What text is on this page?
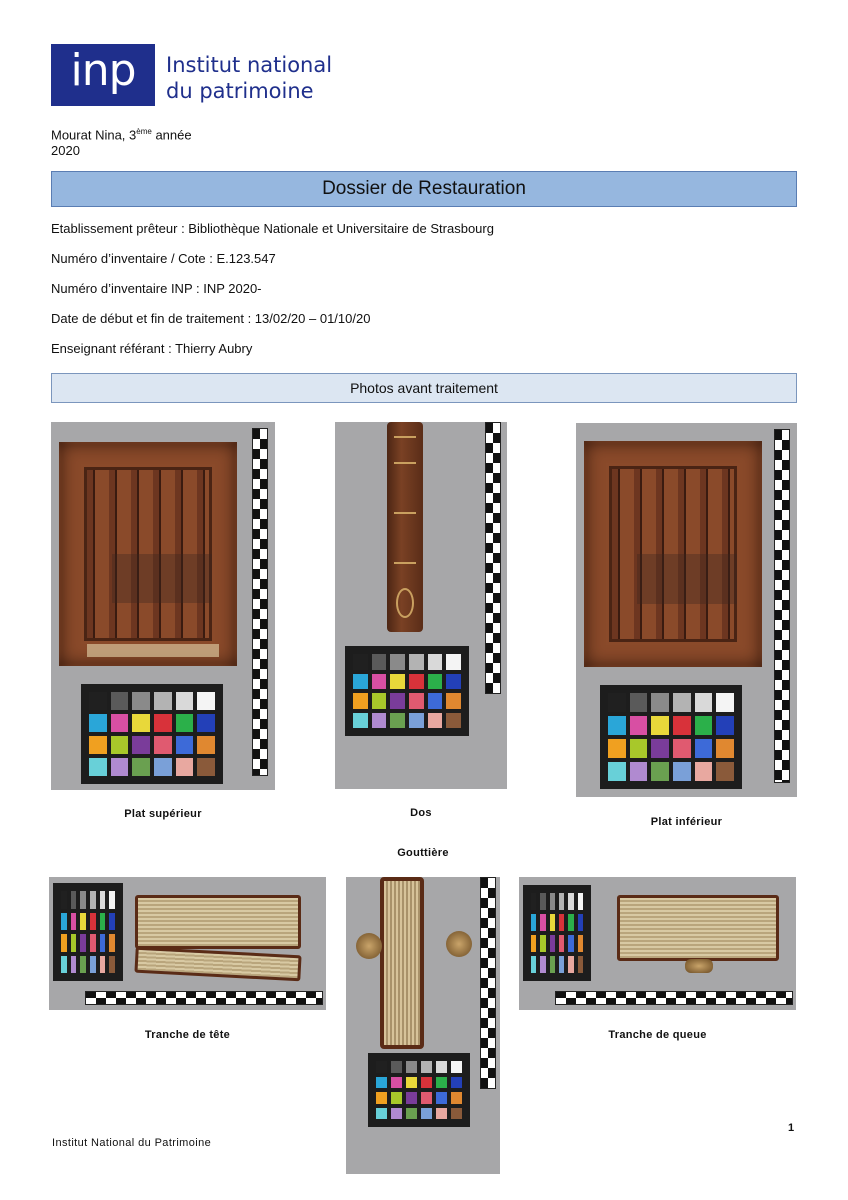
inp	Institut national
du patrimoine
Mourat Nina, 3ème année
2020
Dossier de Restauration
Etablissement prêteur : Bibliothèque Nationale et Universitaire de Strasbourg
Numéro d’inventaire / Cote : E.123.547
Numéro d’inventaire INP : INP 2020-
Date de début et fin de traitement : 13/02/20 – 01/10/20
Enseignant référant : Thierry Aubry
Photos avant traitement
Plat supérieur	Dos
Plat inférieur
Gouttière
Tranche de tête	Tranche de queue
Institut National du Patrimoine
1
